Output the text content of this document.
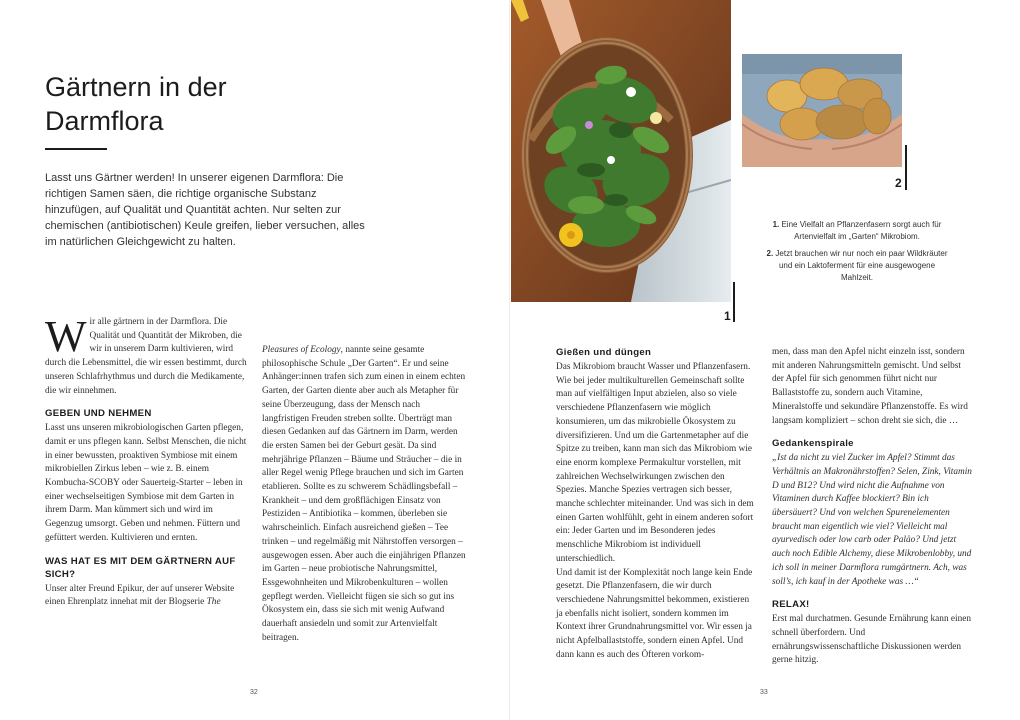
Gärtnern in der
Darmflora

Lasst uns Gärtner werden! In unserer eigenen Darmflora: Die richtigen Samen säen, die richtige organische Substanz hinzufügen, auf Qualität und Quantität achten. Nur selten zur chemischen (antibiotischen) Keule greifen, lieber versuchen, alles im natürlichen Gleichgewicht zu halten.

Wir alle gärtnern in der Darmflora. Die Qualität und Quantität der Mikroben, die wir in unserem Darm kultivieren, wird durch die Lebensmittel, die wir essen bestimmt, durch unseren Schlafrhythmus und durch die Medikamente, die wir einnehmen.

GEBEN UND NEHMEN

Lasst uns unseren mikrobiologischen Garten pflegen, damit er uns pflegen kann. Selbst Menschen, die nicht in einer bewussten, proaktiven Symbiose mit einem mikrobiellen Zirkus leben – wie z. B. einem Kombucha-SCOBY oder Sauerteig-Starter – leben in einer wechselseitigen Symbiose mit dem Garten in ihrem Darm. Man kümmert sich und wird im Gegenzug umsorgt. Geben und nehmen. Füttern und gefüttert werden. Kultivieren und ernten.

WAS HAT ES MIT DEM GÄRTNERN AUF SICH?

Unser alter Freund Epikur, der auf unserer Website einen Ehrenplatz innehat mit der Blogserie The

Pleasures of Ecology, nannte seine gesamte philosophische Schule „Der Garten“. Er und seine Anhänger:innen trafen sich zum einen in einem echten Garten, der Garten diente aber auch als Metapher für seine Überzeugung, dass der Mensch nach langfristigen Freuden streben sollte. Überträgt man diesen Gedanken auf das Gärtnern im Darm, werden die ersten Samen bei der Geburt gesät. Da sind mehrjährige Pflanzen – Bäume und Sträucher – die in aller Regel wenig Pflege brauchen und sich im Garten etablieren. Sollte es zu schwerem Schädlingsbefall – Krankheit – und dem großflächigen Einsatz von Pestiziden – Antibiotika – kommen, überleben sie wahrscheinlich. Einfach ausreichend gießen – Tee trinken – und regelmäßig mit Nährstoffen versorgen – ausgewogen essen. Aber auch die einjährigen Pflanzen im Garten – neue probiotische Nahrungsmittel, Essgewohnheiten und Mikrobenkulturen – wollen gepflegt werden. Vielleicht fügen sie sich so gut ins Ökosystem ein, dass sie sich mit wenig Aufwand dauerhaft ansiedeln und somit zur Artenvielfalt beitragen.

32
1
2

1. Eine Vielfalt an Pflanzenfasern sorgt auch für Artenvielfalt im „Garten“ Mikrobiom.

2. Jetzt brauchen wir nur noch ein paar Wildkräuter und ein Laktoferment für eine ausgewogene Mahlzeit.

Gießen und düngen

Das Mikrobiom braucht Wasser und Pflanzenfasern. Wie bei jeder multikulturellen Gemeinschaft sollte man auf vielfältigen Input abzielen, also so viele verschiedene Pflanzenfasern wie möglich konsumieren, um das mikrobielle Ökosystem zu diversifizieren. Und um die Gartenmetapher auf die Spitze zu treiben, kann man sich das Mikrobiom wie eine enorm komplexe Permakultur vorstellen, mit zahlreichen Wechselwirkungen zwischen den Spezies. Manche Spezies vertragen sich besser, manche schlechter miteinander. Und was sich in dem einen Garten wohlfühlt, geht in einem anderen sofort ein: Jeder Garten und im Besonderen jedes menschliche Mikrobiom ist individuell unterschiedlich.

Und damit ist der Komplexität noch lange kein Ende gesetzt. Die Pflanzenfasern, die wir durch verschiedene Nahrungsmittel bekommen, existieren ja ebenfalls nicht isoliert, sondern kommen im Kontext ihrer Grundnahrungsmittel vor. Wir essen ja nicht Apfelballaststoffe, sondern einen Apfel. Und dann kann es auch des Öfteren vorkom-

men, dass man den Apfel nicht einzeln isst, sondern mit anderen Nahrungsmitteln gemischt. Und selbst der Apfel für sich genommen führt nicht nur Ballaststoffe zu, sondern auch Vitamine, Mineralstoffe und sekundäre Pflanzenstoffe. Es wird langsam kompliziert – schon dreht sie sich, die …

Gedankenspirale

„Ist da nicht zu viel Zucker im Apfel? Stimmt das Verhältnis an Makronährstoffen? Selen, Zink, Vitamin D und B12? Und wird nicht die Aufnahme von Vitaminen durch Kaffee blockiert? Bin ich übersäuert? Und von welchen Spurenelementen braucht man eigentlich wie viel? Vielleicht mal ayurvedisch oder low carb oder Paläo? Und jetzt auch noch Edible Alchemy, diese Mikrobenlobby, und ich soll in meiner Darmflora rumgärtnern. Ach, was soll’s, ich kauf in der Apotheke was …“

RELAX!

Erst mal durchatmen. Gesunde Ernährung kann einen schnell überfordern. Und ernährungswissenschaftliche Diskussionen werden gerne hitzig.

33
